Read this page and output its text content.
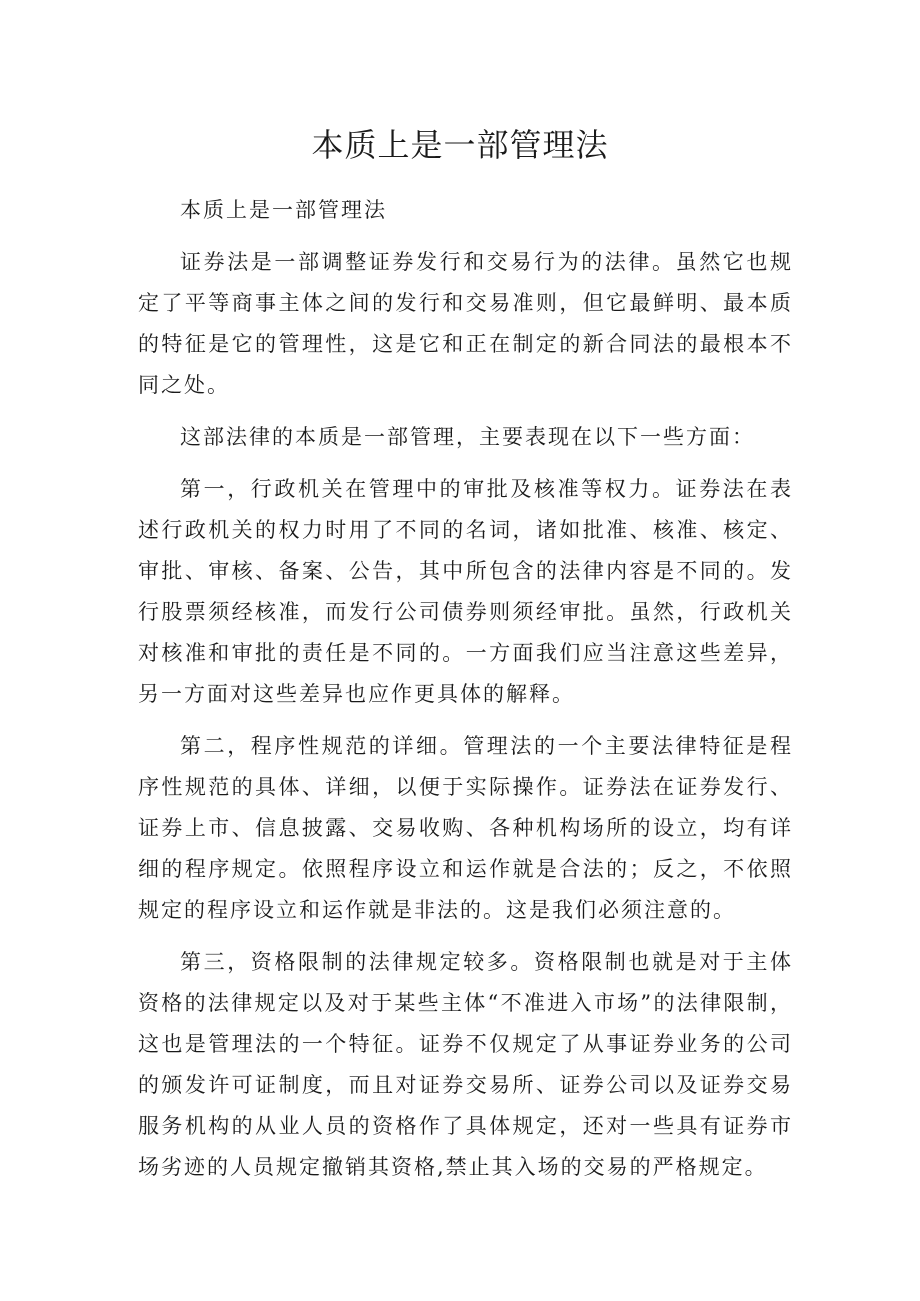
本质上是一部管理法

本质上是一部管理法

证券法是一部调整证券发行和交易行为的法律。虽然它也规定了平等商事主体之间的发行和交易准则，但它最鲜明、最本质的特征是它的管理性，这是它和正在制定的新合同法的最根本不同之处。

这部法律的本质是一部管理，主要表现在以下一些方面：

第一，行政机关在管理中的审批及核准等权力。证券法在表述行政机关的权力时用了不同的名词，诸如批准、核准、核定、审批、审核、备案、公告，其中所包含的法律内容是不同的。发行股票须经核准，而发行公司债券则须经审批。虽然，行政机关对核准和审批的责任是不同的。一方面我们应当注意这些差异，另一方面对这些差异也应作更具体的解释。

第二，程序性规范的详细。管理法的一个主要法律特征是程序性规范的具体、详细，以便于实际操作。证券法在证券发行、证券上市、信息披露、交易收购、各种机构场所的设立，均有详细的程序规定。依照程序设立和运作就是合法的；反之，不依照规定的程序设立和运作就是非法的。这是我们必须注意的。

第三，资格限制的法律规定较多。资格限制也就是对于主体资格的法律规定以及对于某些主体“不准进入市场”的法律限制，这也是管理法的一个特征。证券不仅规定了从事证券业务的公司的颁发许可证制度，而且对证券交易所、证券公司以及证券交易服务机构的从业人员的资格作了具体规定，还对一些具有证券市场劣迹的人员规定撤销其资格,禁止其入场的交易的严格规定。
